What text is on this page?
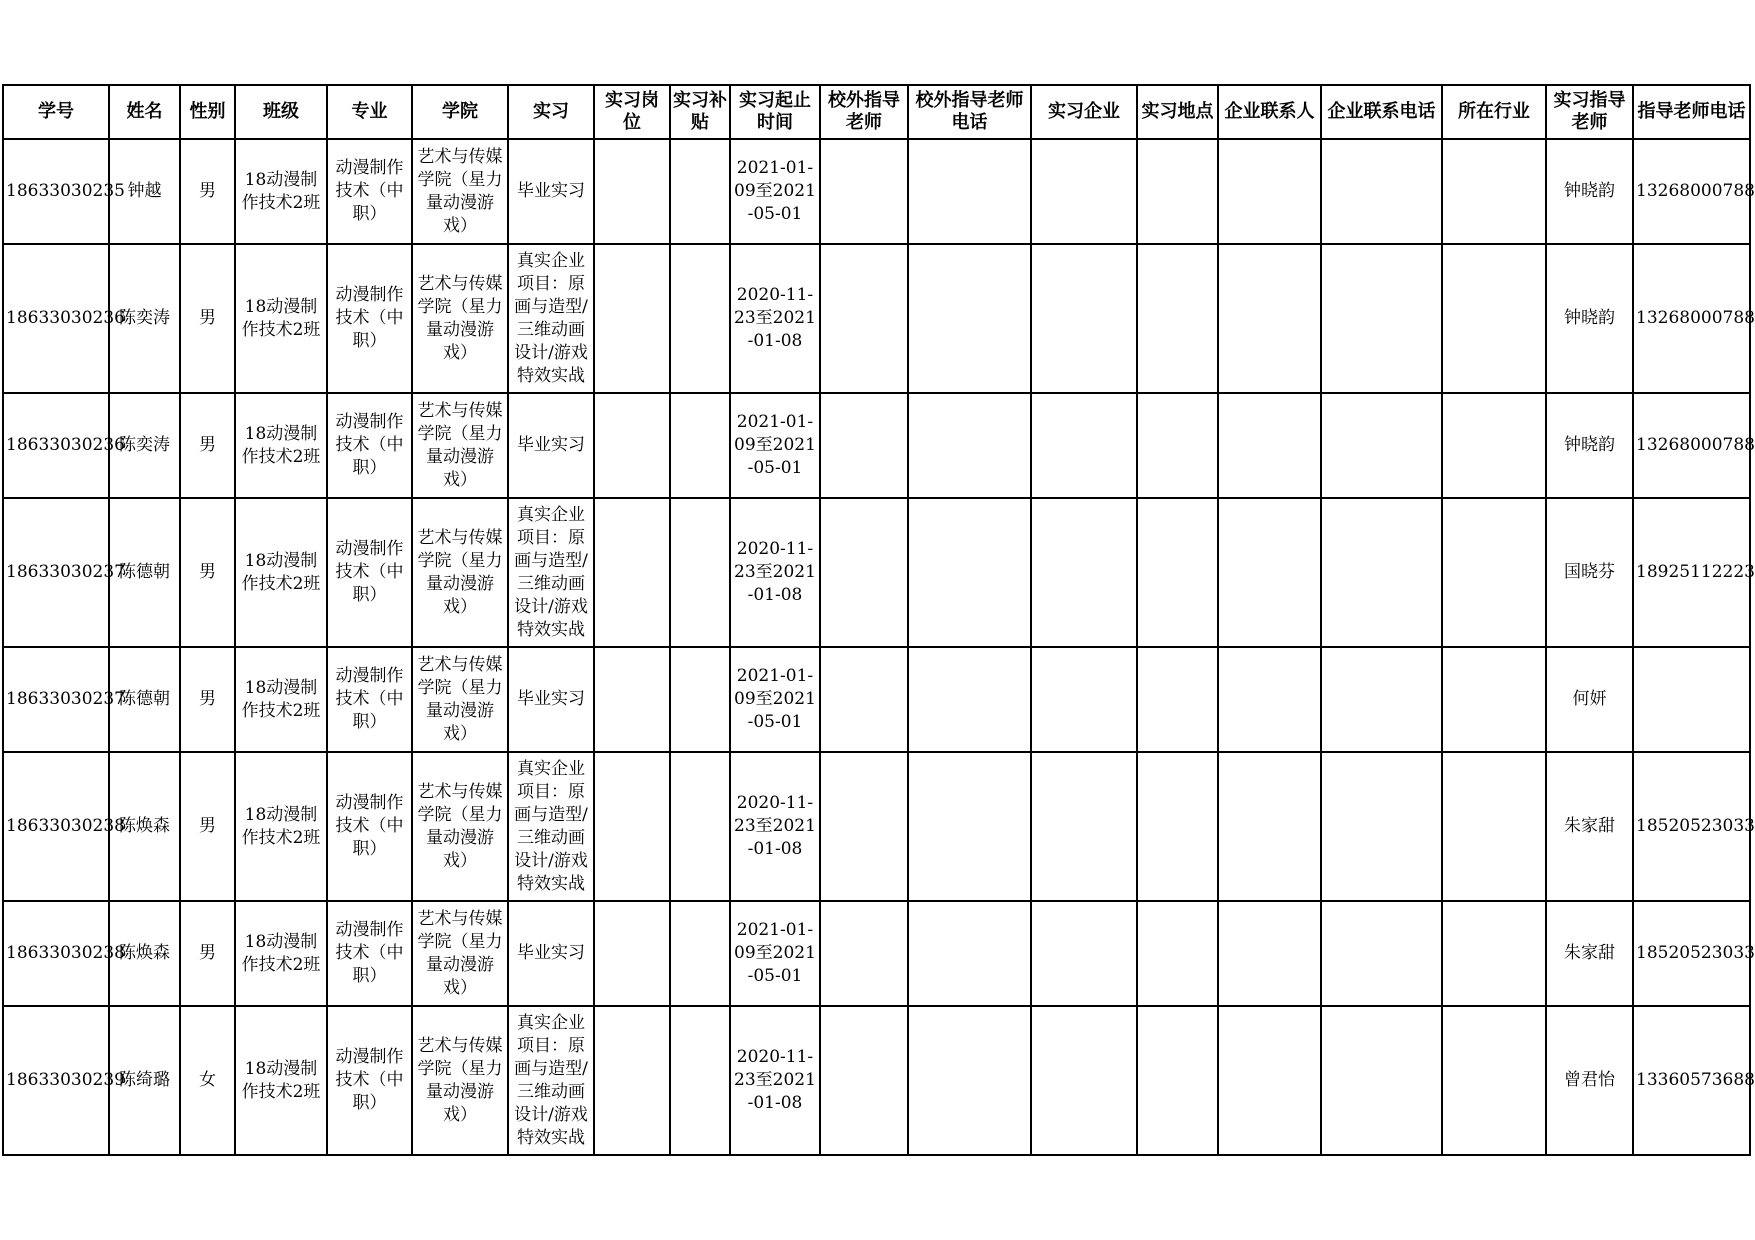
学号	姓名	性别	班级	专业	学院	实习	实习岗位	实习补贴	实习起止时间	校外指导老师	校外指导老师电话	实习企业	实习地点	企业联系人	企业联系电话	所在行业	实习指导老师	指导老师电话
18633030235	钟越	男	18动漫制作技术2班	动漫制作技术（中职）	艺术与传媒学院（星力量动漫游戏）	毕业实习			2021-01-09至2021-05-01								钟晓韵	13268000788
18633030236	陈奕涛	男	18动漫制作技术2班	动漫制作技术（中职）	艺术与传媒学院（星力量动漫游戏）	真实企业项目：原画与造型/三维动画设计/游戏特效实战			2020-11-23至2021-01-08								钟晓韵	13268000788
18633030236	陈奕涛	男	18动漫制作技术2班	动漫制作技术（中职）	艺术与传媒学院（星力量动漫游戏）	毕业实习			2021-01-09至2021-05-01								钟晓韵	13268000788
18633030237	陈德朝	男	18动漫制作技术2班	动漫制作技术（中职）	艺术与传媒学院（星力量动漫游戏）	真实企业项目：原画与造型/三维动画设计/游戏特效实战			2020-11-23至2021-01-08								国晓芬	18925112223
18633030237	陈德朝	男	18动漫制作技术2班	动漫制作技术（中职）	艺术与传媒学院（星力量动漫游戏）	毕业实习			2021-01-09至2021-05-01								何妍	
18633030238	陈焕森	男	18动漫制作技术2班	动漫制作技术（中职）	艺术与传媒学院（星力量动漫游戏）	真实企业项目：原画与造型/三维动画设计/游戏特效实战			2020-11-23至2021-01-08								朱家甜	18520523033
18633030238	陈焕森	男	18动漫制作技术2班	动漫制作技术（中职）	艺术与传媒学院（星力量动漫游戏）	毕业实习			2021-01-09至2021-05-01								朱家甜	18520523033
18633030239	陈绮璐	女	18动漫制作技术2班	动漫制作技术（中职）	艺术与传媒学院（星力量动漫游戏）	真实企业项目：原画与造型/三维动画设计/游戏特效实战			2020-11-23至2021-01-08								曾君怡	13360573688
